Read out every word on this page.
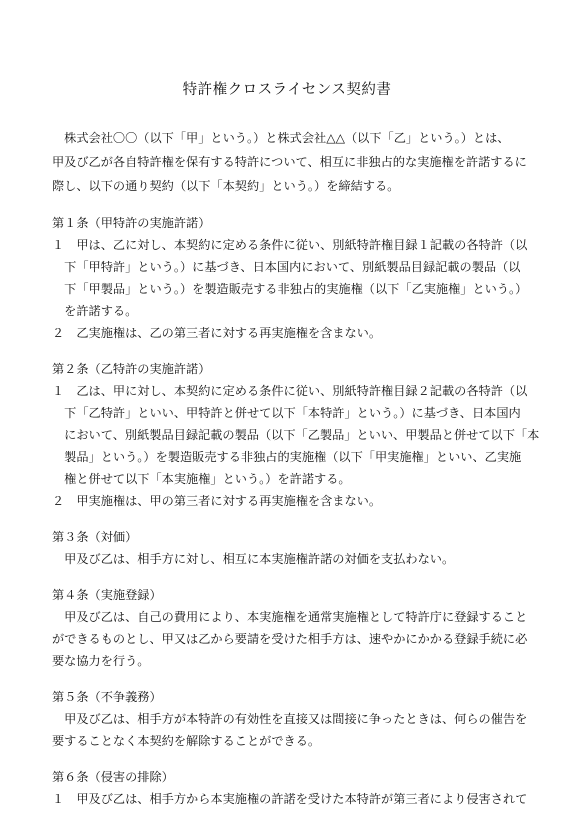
特許権クロスライセンス契約書
　株式会社〇〇（以下「甲」という。）と株式会社△△（以下「乙」という。）とは、
甲及び乙が各自特許権を保有する特許について、相互に非独占的な実施権を許諾するに
際し、以下の通り契約（以下「本契約」という。）を締結する。
第１条（甲特許の実施許諾）
１　甲は、乙に対し、本契約に定める条件に従い、別紙特許権目録１記載の各特許（以
　下「甲特許」という。）に基づき、日本国内において、別紙製品目録記載の製品（以
　下「甲製品」という。）を製造販売する非独占的実施権（以下「乙実施権」という。）
　を許諾する。
２　乙実施権は、乙の第三者に対する再実施権を含まない。
第２条（乙特許の実施許諾）
１　乙は、甲に対し、本契約に定める条件に従い、別紙特許権目録２記載の各特許（以
　下「乙特許」といい、甲特許と併せて以下「本特許」という。）に基づき、日本国内
　において、別紙製品目録記載の製品（以下「乙製品」といい、甲製品と併せて以下「本
　製品」という。）を製造販売する非独占的実施権（以下「甲実施権」といい、乙実施
　権と併せて以下「本実施権」という。）を許諾する。
２　甲実施権は、甲の第三者に対する再実施権を含まない。
第３条（対価）
　甲及び乙は、相手方に対し、相互に本実施権許諾の対価を支払わない。
第４条（実施登録）
　甲及び乙は、自己の費用により、本実施権を通常実施権として特許庁に登録すること
ができるものとし、甲又は乙から要請を受けた相手方は、速やかにかかる登録手続に必
要な協力を行う。
第５条（不争義務）
　甲及び乙は、相手方が本特許の有効性を直接又は間接に争ったときは、何らの催告を
要することなく本契約を解除することができる。
第６条（侵害の排除）
１　甲及び乙は、相手方から本実施権の許諾を受けた本特許が第三者により侵害されて
